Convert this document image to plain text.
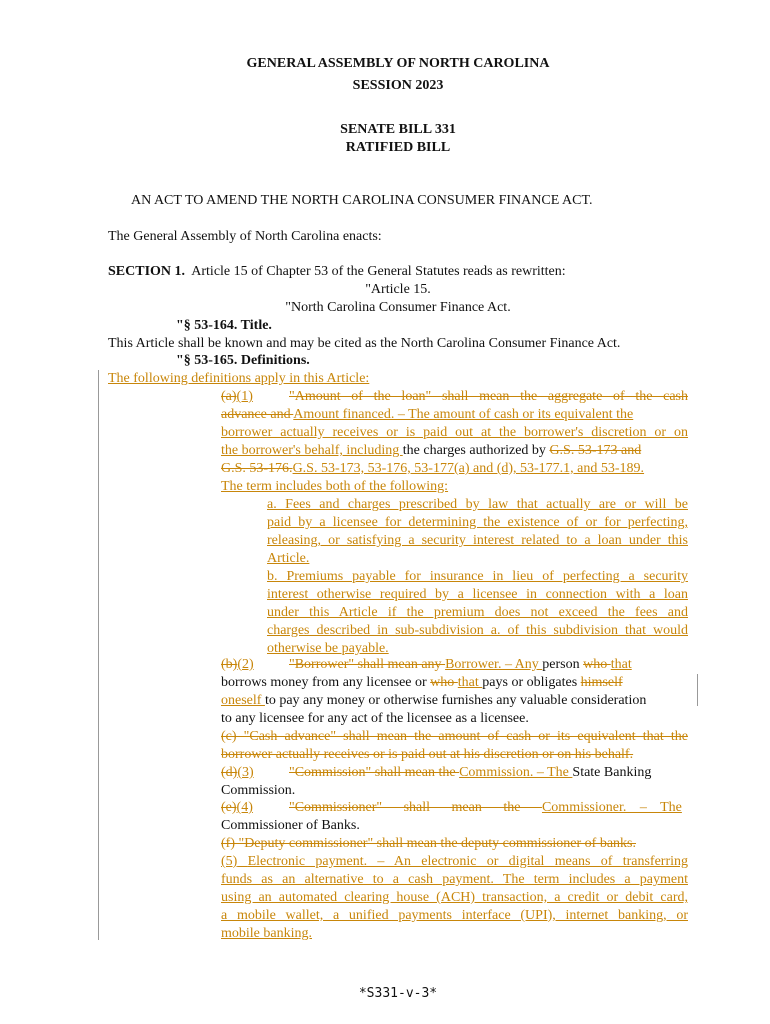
GENERAL ASSEMBLY OF NORTH CAROLINA
SESSION 2023
SENATE BILL 331
RATIFIED BILL
AN ACT TO AMEND THE NORTH CAROLINA CONSUMER FINANCE ACT.
The General Assembly of North Carolina enacts:
SECTION 1. Article 15 of Chapter 53 of the General Statutes reads as rewritten:
"Article 15.
"North Carolina Consumer Finance Act.
"§ 53-164. Title.
This Article shall be known and may be cited as the North Carolina Consumer Finance Act.
"§ 53-165. Definitions.
The following definitions apply in this Article:
(a)(1)	"Amount of the loan" shall mean the aggregate of the cash
advance and Amount financed. – The amount of cash or its equivalent the
borrower actually receives or is paid out at the borrower's discretion or on
the borrower's behalf, including the charges authorized by G.S. 53-173 and
G.S. 53-176.G.S. 53-173, 53-176, 53-177(a) and (d), 53-177.1, and 53-189.
The term includes both of the following:
a. Fees and charges prescribed by law that actually are or will be
paid by a licensee for determining the existence of or for perfecting,
releasing, or satisfying a security interest related to a loan under this
Article.
b. Premiums payable for insurance in lieu of perfecting a security
interest otherwise required by a licensee in connection with a loan
under this Article if the premium does not exceed the fees and
charges described in sub-subdivision a. of this subdivision that would
otherwise be payable.
(b)(2)	"Borrower" shall mean any Borrower. – Any person who that
borrows money from any licensee or who that pays or obligates himself
oneself to pay any money or otherwise furnishes any valuable consideration
to any licensee for any act of the licensee as a licensee.
(c) "Cash advance" shall mean the amount of cash or its equivalent that the
borrower actually receives or is paid out at his discretion or on his behalf.
(d)(3)	"Commission" shall mean the Commission. – The State Banking
Commission.
(e)(4)	"Commissioner" shall mean the Commissioner. – The
Commissioner of Banks.
(f) "Deputy commissioner" shall mean the deputy commissioner of banks.
(5) Electronic payment. – An electronic or digital means of transferring
funds as an alternative to a cash payment. The term includes a payment
using an automated clearing house (ACH) transaction, a credit or debit card,
a mobile wallet, a unified payments interface (UPI), internet banking, or
mobile banking.
*S331-v-3*
